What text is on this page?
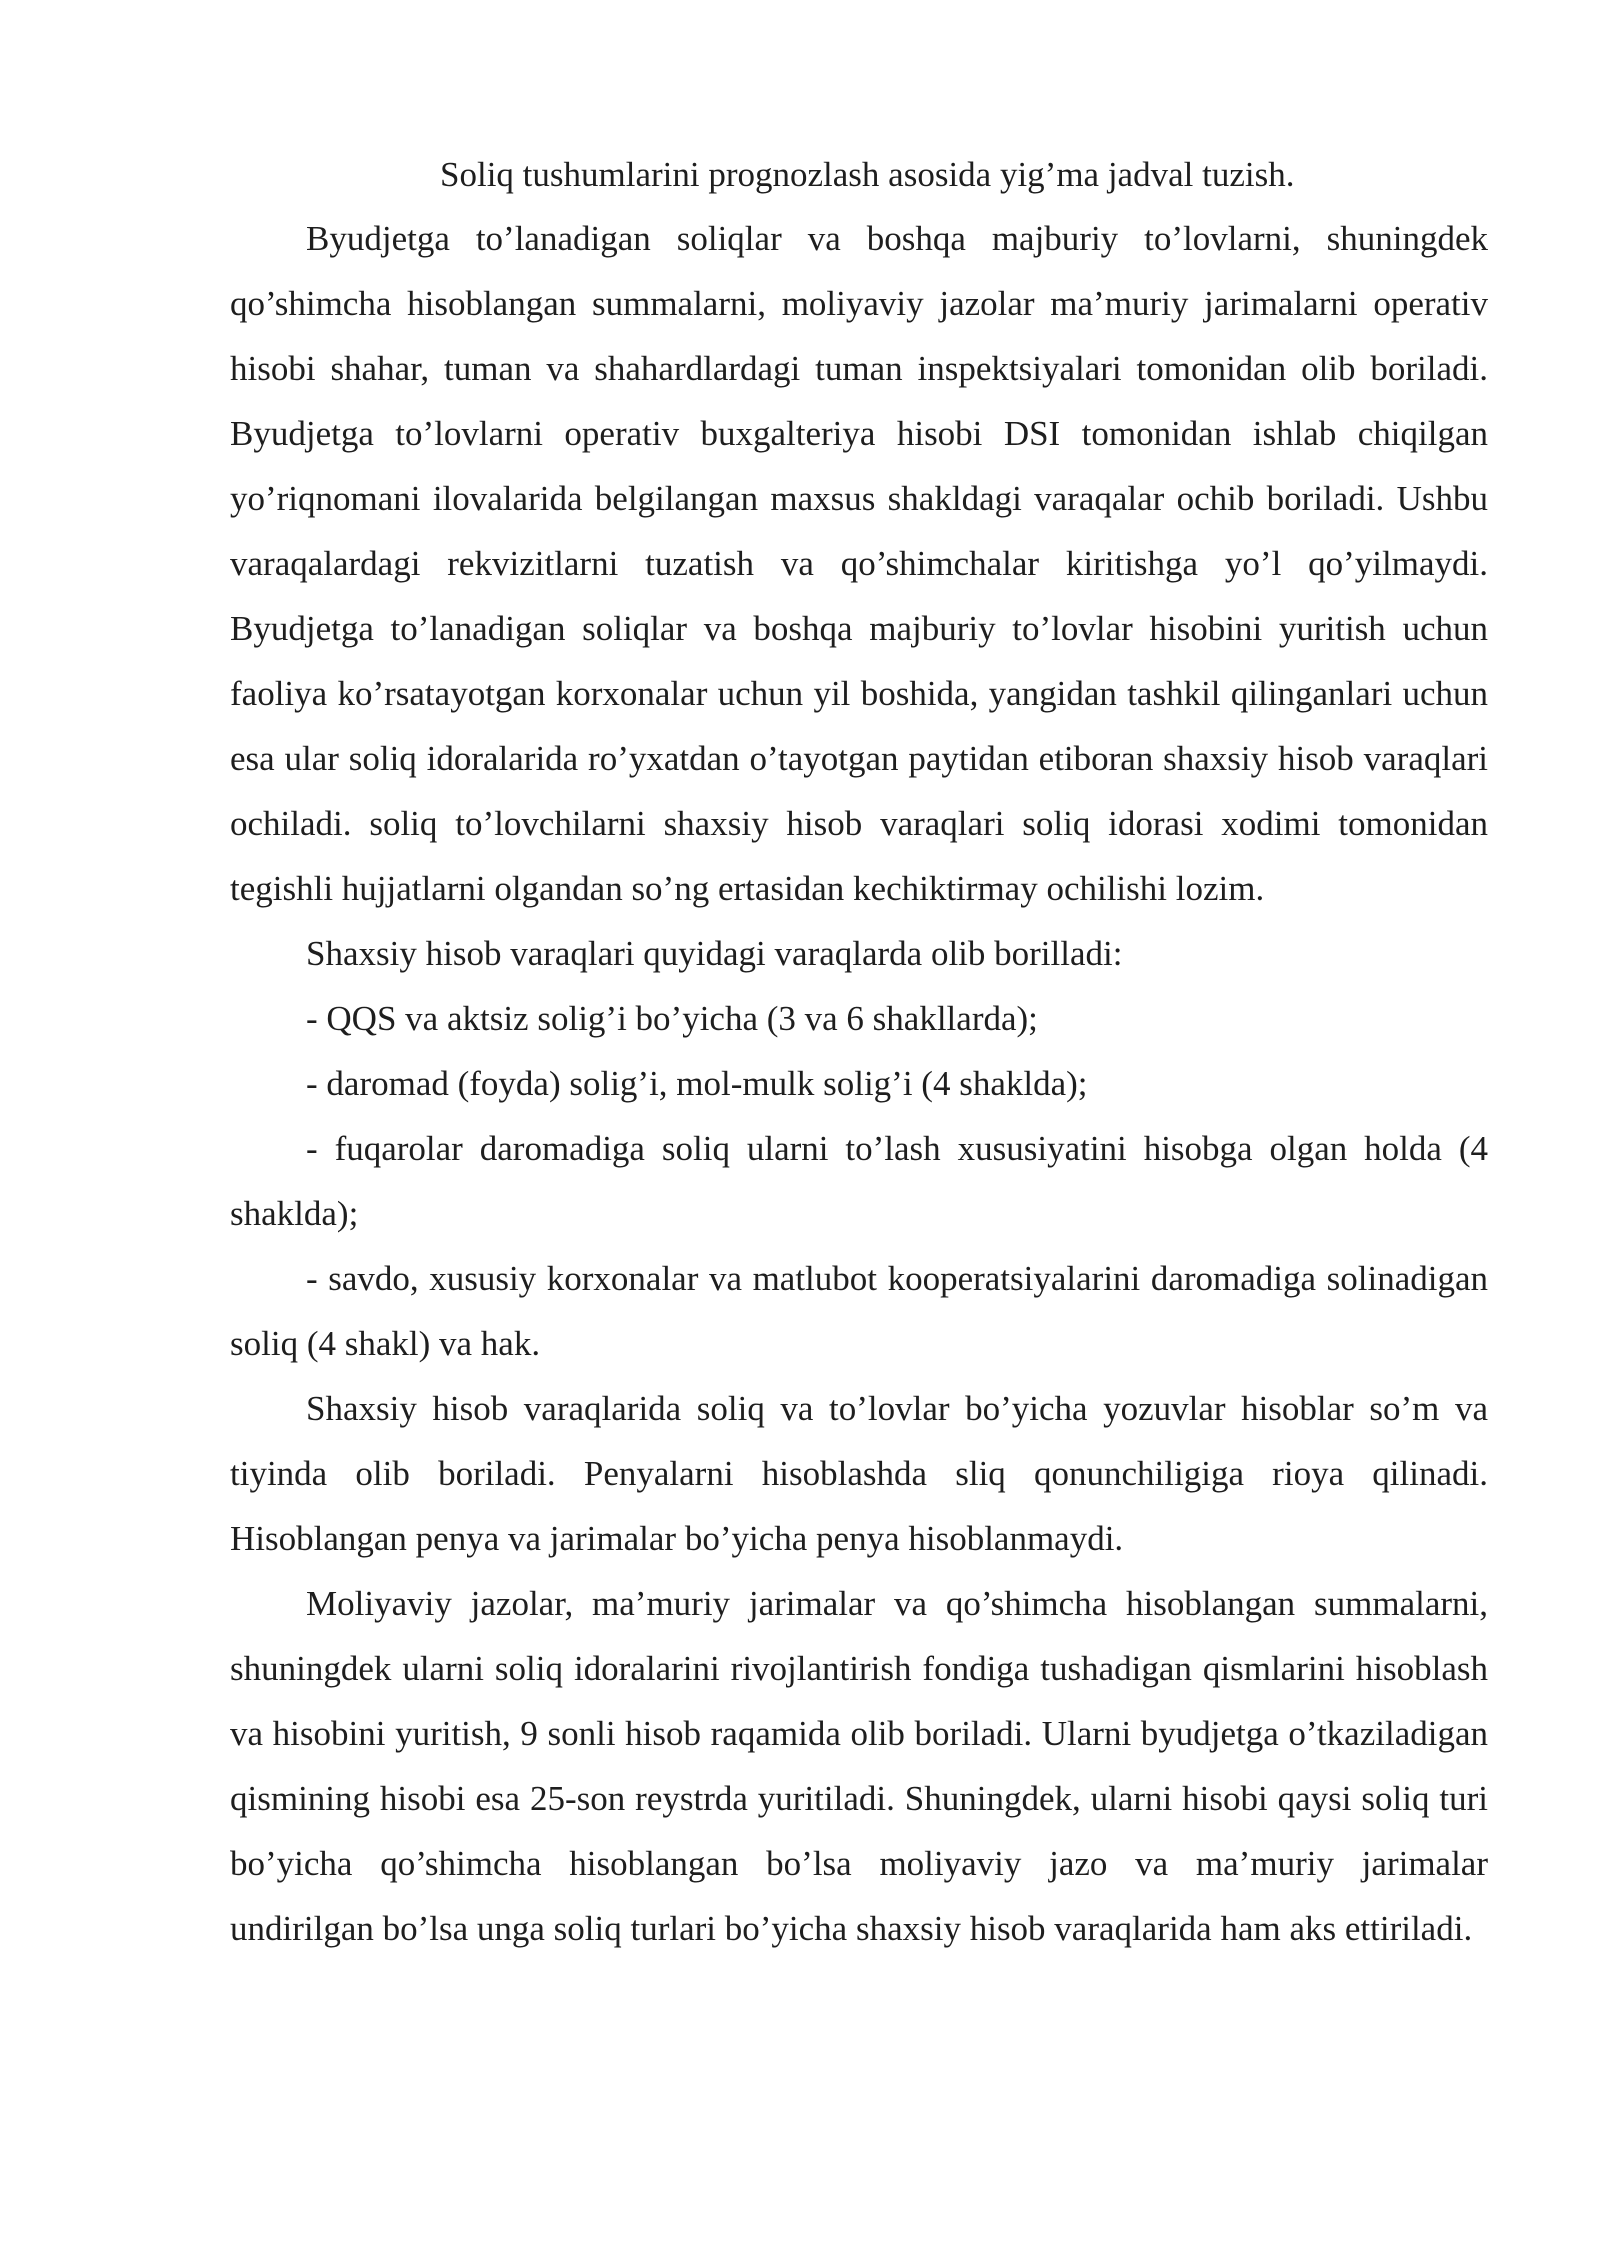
Soliq tushumlarini prognozlash asosida yig’ma jadval tuzish.

Byudjetga to’lanadigan soliqlar va boshqa majburiy to’lovlarni, shuningdek qo’shimcha hisoblangan summalarni, moliyaviy jazolar ma’muriy jarimalarni operativ hisobi shahar, tuman va shahardlardagi tuman inspektsiyalari tomonidan olib boriladi. Byudjetga to’lovlarni operativ buxgalteriya hisobi DSI tomonidan ishlab chiqilgan yo’riqnomani ilovalarida belgilangan maxsus shakldagi varaqalar ochib boriladi. Ushbu varaqalardagi rekvizitlarni tuzatish va qo’shimchalar kiritishga yo’l qo’yilmaydi. Byudjetga to’lanadigan soliqlar va boshqa majburiy to’lovlar hisobini yuritish uchun faoliya ko’rsatayotgan korxonalar uchun yil boshida, yangidan tashkil qilinganlari uchun esa ular soliq idoralarida ro’yxatdan o’tayotgan paytidan etiboran shaxsiy hisob varaqlari ochiladi. soliq to’lovchilarni shaxsiy hisob varaqlari soliq idorasi xodimi tomonidan tegishli hujjatlarni olgandan so’ng ertasidan kechiktirmay ochilishi lozim.

Shaxsiy hisob varaqlari quyidagi varaqlarda olib borilladi:

- QQS va aktsiz solig’i bo’yicha (3 va 6 shakllarda);

- daromad (foyda) solig’i, mol-mulk solig’i (4 shaklda);

- fuqarolar daromadiga soliq ularni to’lash xususiyatini hisobga olgan holda (4 shaklda);

- savdo, xususiy korxonalar va matlubot kooperatsiyalarini daromadiga solinadigan soliq (4 shakl) va hak.

Shaxsiy hisob varaqlarida soliq va to’lovlar bo’yicha yozuvlar hisoblar so’m va tiyinda olib boriladi. Penyalarni hisoblashda sliq qonunchiligiga rioya qilinadi. Hisoblangan penya va jarimalar bo’yicha penya hisoblanmaydi.

Moliyaviy jazolar, ma’muriy jarimalar va qo’shimcha hisoblangan summalarni, shuningdek ularni soliq idoralarini rivojlantirish fondiga tushadigan qismlarini hisoblash va hisobini yuritish, 9 sonli hisob raqamida olib boriladi. Ularni byudjetga o’tkaziladigan qismining hisobi esa 25-son reystrda yuritiladi. Shuningdek, ularni hisobi qaysi soliq turi bo’yicha qo’shimcha hisoblangan bo’lsa moliyaviy jazo va ma’muriy jarimalar undirilgan bo’lsa unga soliq turlari bo’yicha shaxsiy hisob varaqlarida ham aks ettiriladi.
